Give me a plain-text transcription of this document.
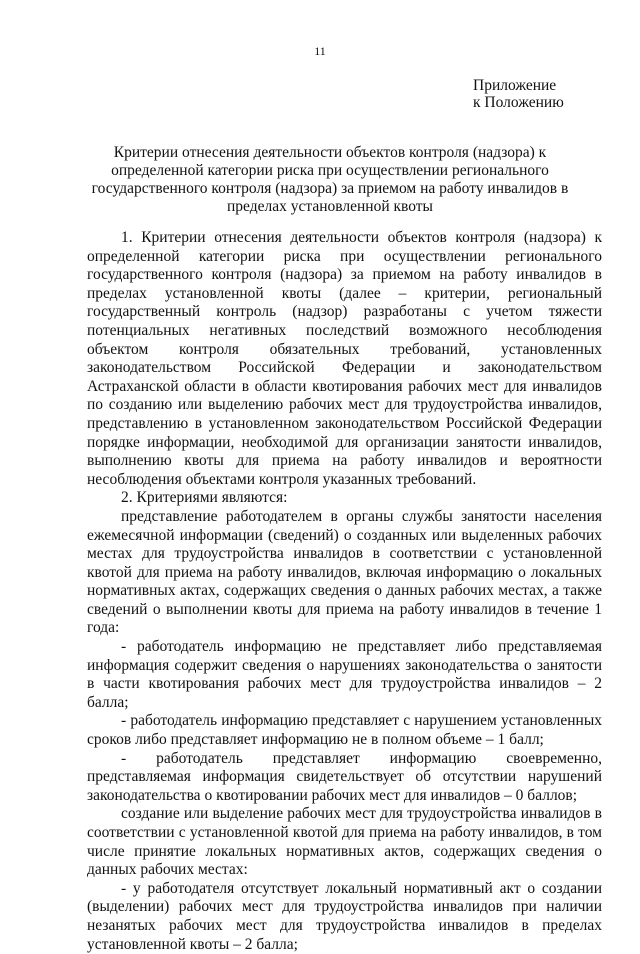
11
Приложение
к Положению
Критерии отнесения деятельности объектов контроля (надзора) к определенной категории риска при осуществлении регионального государственного контроля (надзора) за приемом на работу инвалидов в пределах установленной квоты

1. Критерии отнесения деятельности объектов контроля (надзора) к определенной категории риска при осуществлении регионального государственного контроля (надзора) за приемом на работу инвалидов в пределах установленной квоты (далее – критерии, региональный государственный контроль (надзор) разработаны с учетом тяжести потенциальных негативных последствий возможного несоблюдения объектом контроля обязательных требований, установленных законодательством Российской Федерации и законодательством Астраханской области в области квотирования рабочих мест для инвалидов по созданию или выделению рабочих мест для трудоустройства инвалидов, представлению в установленном законодательством Российской Федерации порядке информации, необходимой для организации занятости инвалидов, выполнению квоты для приема на работу инвалидов и вероятности несоблюдения объектами контроля указанных требований.

2. Критериями являются:

представление работодателем в органы службы занятости населения ежемесячной информации (сведений) о созданных или выделенных рабочих местах для трудоустройства инвалидов в соответствии с установленной квотой для приема на работу инвалидов, включая информацию о локальных нормативных актах, содержащих сведения о данных рабочих местах, а также сведений о выполнении квоты для приема на работу инвалидов в течение 1 года:

- работодатель информацию не представляет либо представляемая информация содержит сведения о нарушениях законодательства о занятости в части квотирования рабочих мест для трудоустройства инвалидов – 2 балла;

- работодатель информацию представляет с нарушением установленных сроков либо представляет информацию не в полном объеме – 1 балл;

- работодатель представляет информацию своевременно, представляемая информация свидетельствует об отсутствии нарушений законодательства о квотировании рабочих мест для инвалидов – 0 баллов;

создание или выделение рабочих мест для трудоустройства инвалидов в соответствии с установленной квотой для приема на работу инвалидов, в том числе принятие локальных нормативных актов, содержащих сведения о данных рабочих местах:

- у работодателя отсутствует локальный нормативный акт о создании (выделении) рабочих мест для трудоустройства инвалидов при наличии незанятых рабочих мест для трудоустройства инвалидов в пределах установленной квоты – 2 балла;
